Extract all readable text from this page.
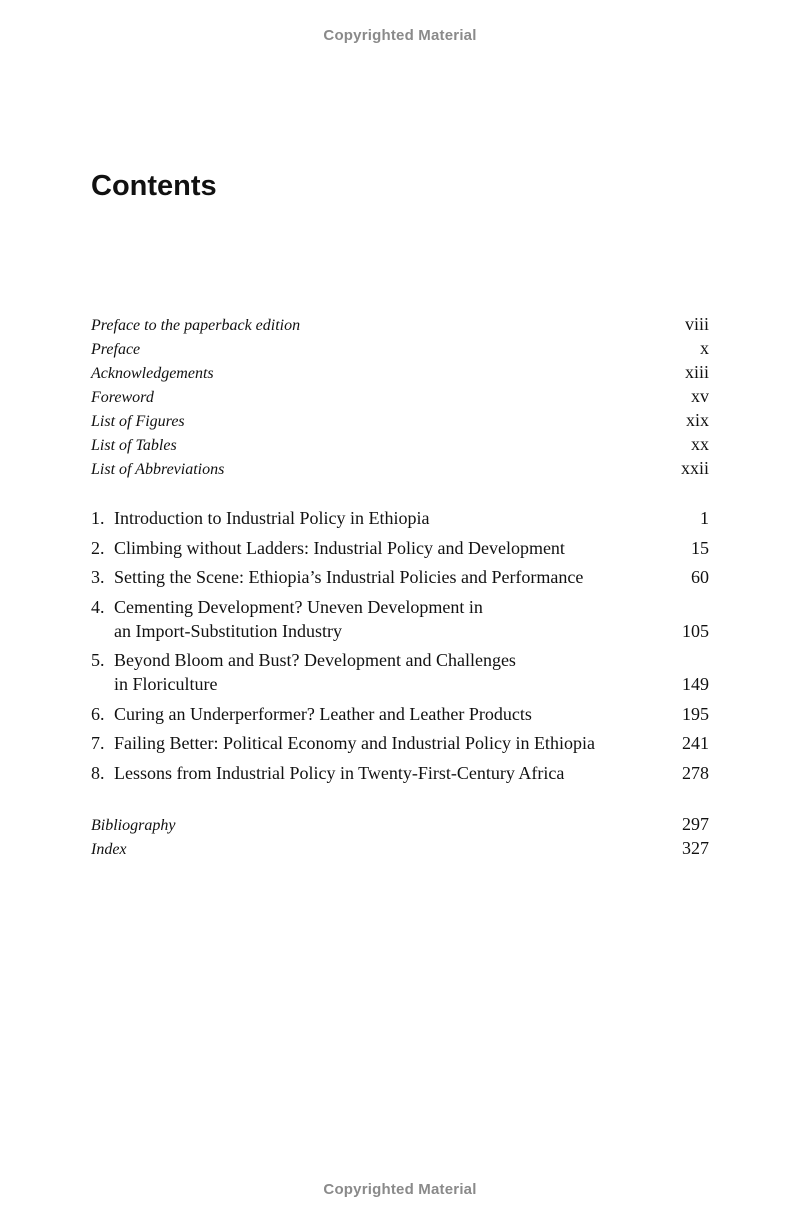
Copyrighted Material
Contents
Preface to the paperback edition	viii
Preface	x
Acknowledgements	xiii
Foreword	xv
List of Figures	xix
List of Tables	xx
List of Abbreviations	xxii
1. Introduction to Industrial Policy in Ethiopia	1
2. Climbing without Ladders: Industrial Policy and Development	15
3. Setting the Scene: Ethiopia’s Industrial Policies and Performance	60
4. Cementing Development? Uneven Development in
an Import-Substitution Industry	105
5. Beyond Bloom and Bust? Development and Challenges
in Floriculture	149
6. Curing an Underperformer? Leather and Leather Products	195
7. Failing Better: Political Economy and Industrial Policy in Ethiopia	241
8. Lessons from Industrial Policy in Twenty-First-Century Africa	278
Bibliography	297
Index	327
Copyrighted Material
